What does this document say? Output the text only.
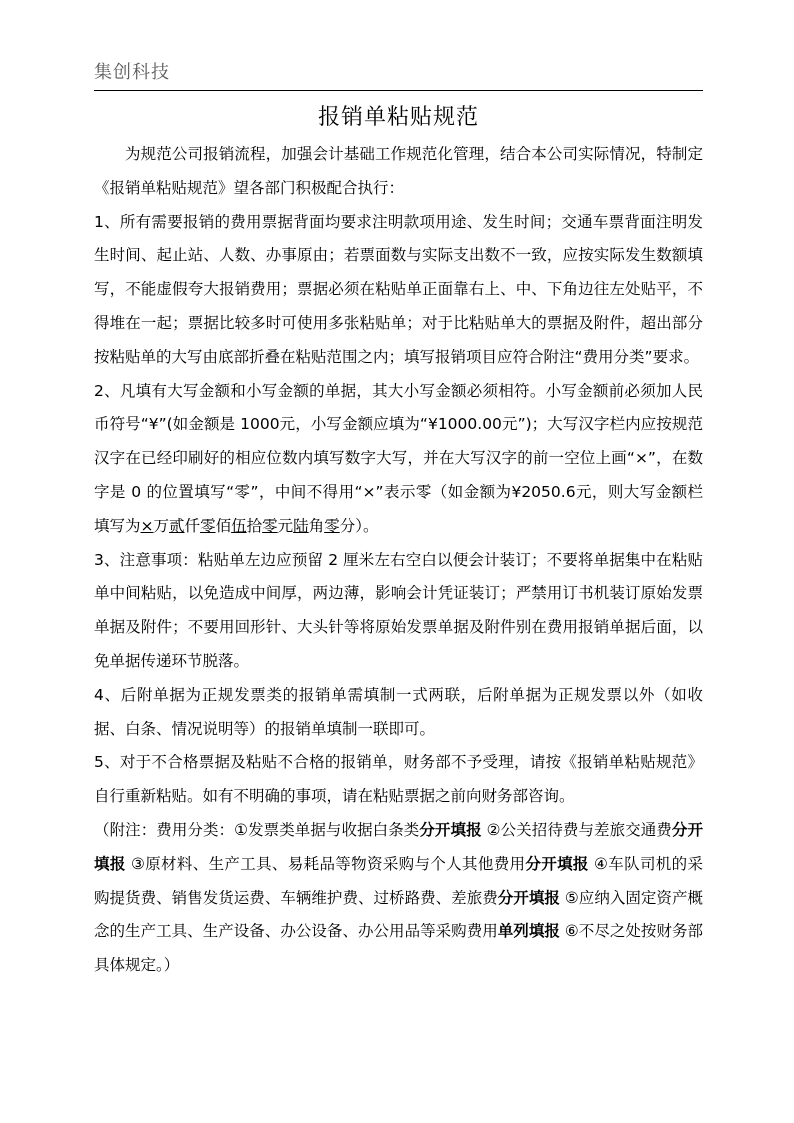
集创科技
报销单粘贴规范

为规范公司报销流程，加强会计基础工作规范化管理，结合本公司实际情况，特制定《报销单粘贴规范》望各部门积极配合执行：

1、所有需要报销的费用票据背面均要求注明款项用途、发生时间；交通车票背面注明发生时间、起止站、人数、办事原由；若票面数与实际支出数不一致，应按实际发生数额填写，不能虚假夸大报销费用；票据必须在粘贴单正面靠右上、中、下角边往左处贴平，不得堆在一起；票据比较多时可使用多张粘贴单；对于比粘贴单大的票据及附件，超出部分按粘贴单的大写由底部折叠在粘贴范围之内；填写报销项目应符合附注“费用分类”要求。

2、凡填有大写金额和小写金额的单据，其大小写金额必须相符。小写金额前必须加人民币符号“¥”(如金额是 1000元，小写金额应填为“¥1000.00元”)；大写汉字栏内应按规范汉字在已经印刷好的相应位数内填写数字大写，并在大写汉字的前一空位上画“×”，在数字是 0 的位置填写“零”，中间不得用“×”表示零（如金额为¥2050.6元，则大写金额栏填写为×万贰仟零佰伍拾零元陆角零分）。

3、注意事项：粘贴单左边应预留 2 厘米左右空白以便会计装订；不要将单据集中在粘贴单中间粘贴，以免造成中间厚，两边薄，影响会计凭证装订；严禁用订书机装订原始发票单据及附件；不要用回形针、大头针等将原始发票单据及附件别在费用报销单据后面，以免单据传递环节脱落。

4、后附单据为正规发票类的报销单需填制一式两联，后附单据为正规发票以外（如收据、白条、情况说明等）的报销单填制一联即可。

5、对于不合格票据及粘贴不合格的报销单，财务部不予受理，请按《报销单粘贴规范》自行重新粘贴。如有不明确的事项，请在粘贴票据之前向财务部咨询。

（附注：费用分类：①发票类单据与收据白条类分开填报 ②公关招待费与差旅交通费分开填报 ③原材料、生产工具、易耗品等物资采购与个人其他费用分开填报 ④车队司机的采购提货费、销售发货运费、车辆维护费、过桥路费、差旅费分开填报 ⑤应纳入固定资产概念的生产工具、生产设备、办公设备、办公用品等采购费用单列填报 ⑥不尽之处按财务部具体规定。）
